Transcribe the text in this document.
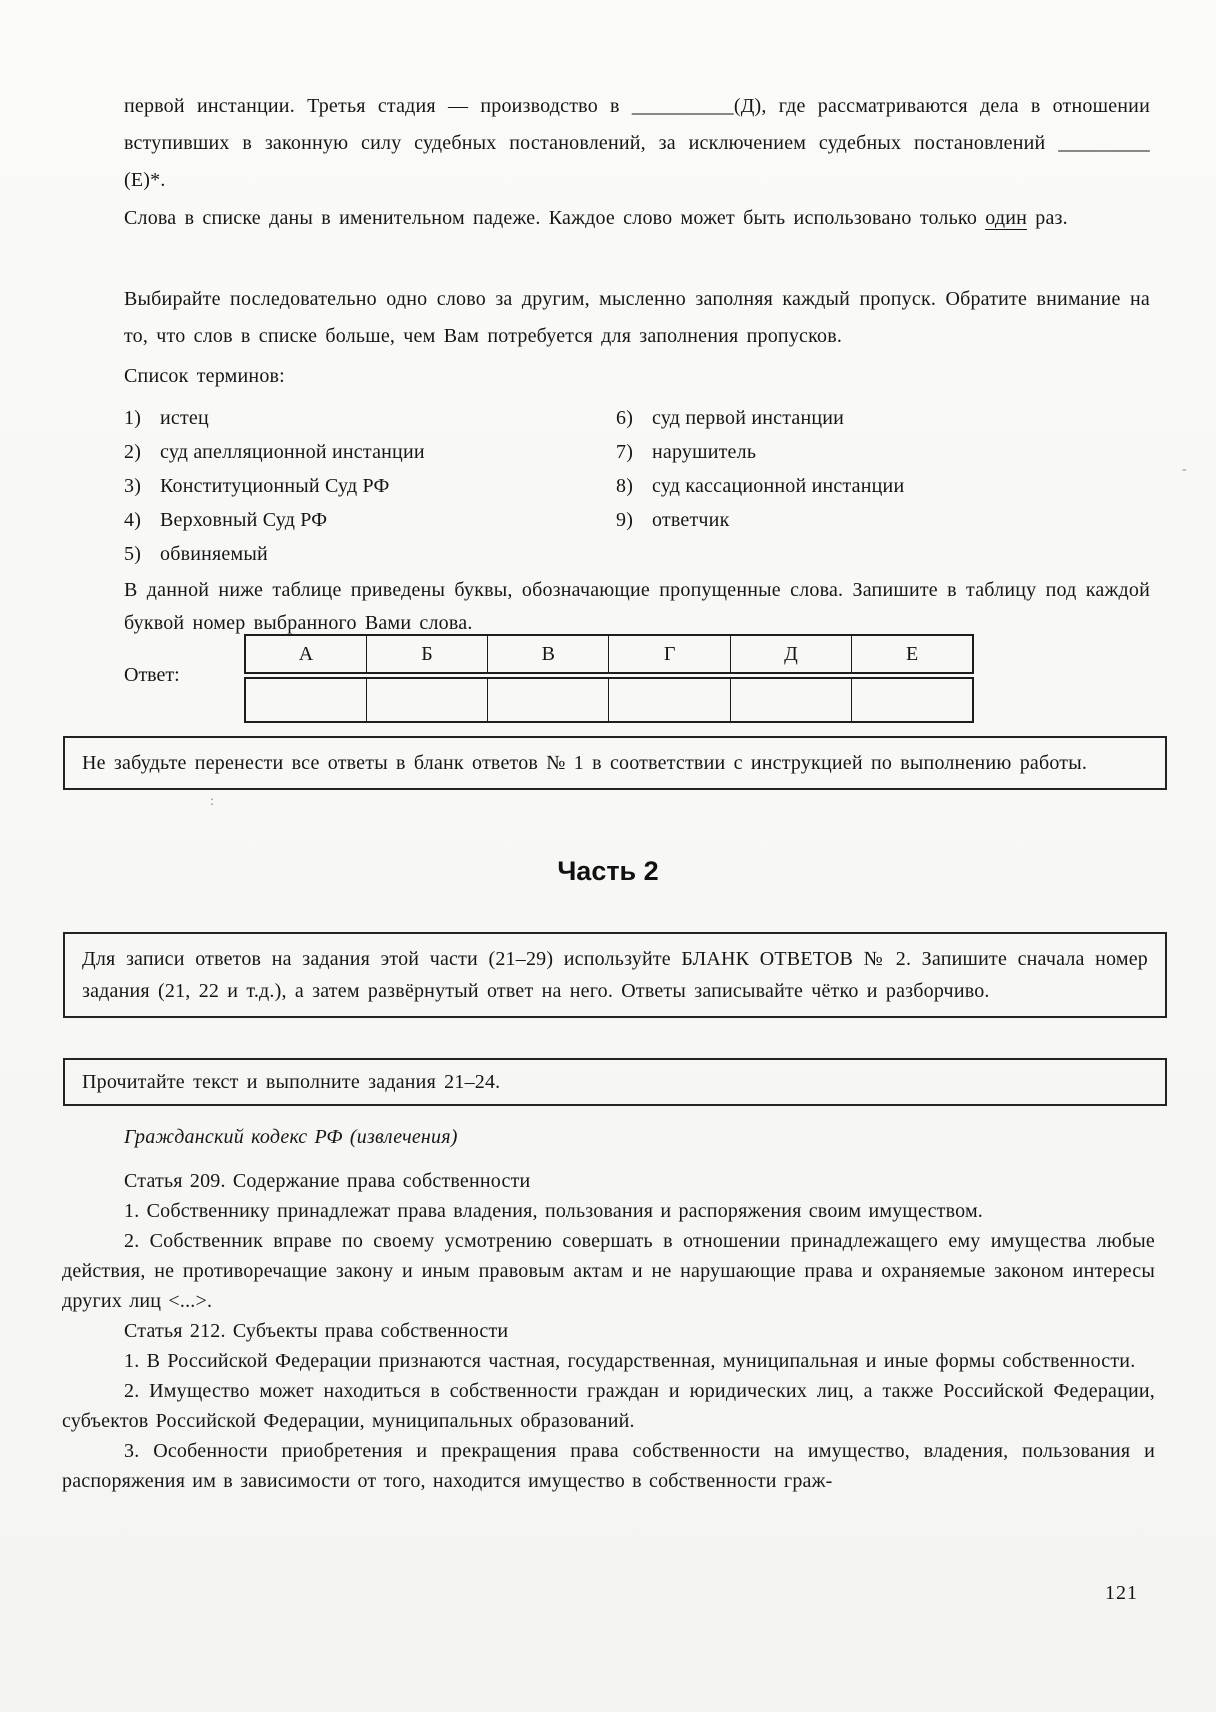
первой инстанции. Третья стадия — производство в __________(Д), где рассматриваются дела в отношении вступивших в законную силу судебных постановлений, за исключением судебных постановлений _________ (Е)*.
Слова в списке даны в именительном падеже. Каждое слово может быть использовано только один раз.
Выбирайте последовательно одно слово за другим, мысленно заполняя каждый пропуск. Обратите внимание на то, что слов в списке больше, чем Вам потребуется для заполнения пропусков.
Список терминов:
1) истец
2) суд апелляционной инстанции
3) Конституционный Суд РФ
4) Верховный Суд РФ
5) обвиняемый
6) суд первой инстанции
7) нарушитель
8) суд кассационной инстанции
9) ответчик
В данной ниже таблице приведены буквы, обозначающие пропущенные слова. Запишите в таблицу под каждой буквой номер выбранного Вами слова.
Ответ:
А	Б	В	Г	Д	Е

Не забудьте перенести все ответы в бланк ответов № 1 в соответствии с инструкцией по выполнению работы.
Часть 2
Для записи ответов на задания этой части (21–29) используйте БЛАНК ОТВЕТОВ № 2. Запишите сначала номер задания (21, 22 и т.д.), а затем развёрнутый ответ на него. Ответы записывайте чётко и разборчиво.
Прочитайте текст и выполните задания 21–24.

Гражданский кодекс РФ (извлечения)

Статья 209. Содержание права собственности

1. Собственнику принадлежат права владения, пользования и распоряжения своим имуществом.

2. Собственник вправе по своему усмотрению совершать в отношении принадлежащего ему имущества любые действия, не противоречащие закону и иным правовым актам и не нарушающие права и охраняемые законом интересы других лиц <...>.

Статья 212. Субъекты права собственности

1. В Российской Федерации признаются частная, государственная, муниципальная и иные формы собственности.

2. Имущество может находиться в собственности граждан и юридических лиц, а также Российской Федерации, субъектов Российской Федерации, муниципальных образований.

3. Особенности приобретения и прекращения права собственности на имущество, владения, пользования и распоряжения им в зависимости от того, находится имущество в собственности граж-

121
-
:
